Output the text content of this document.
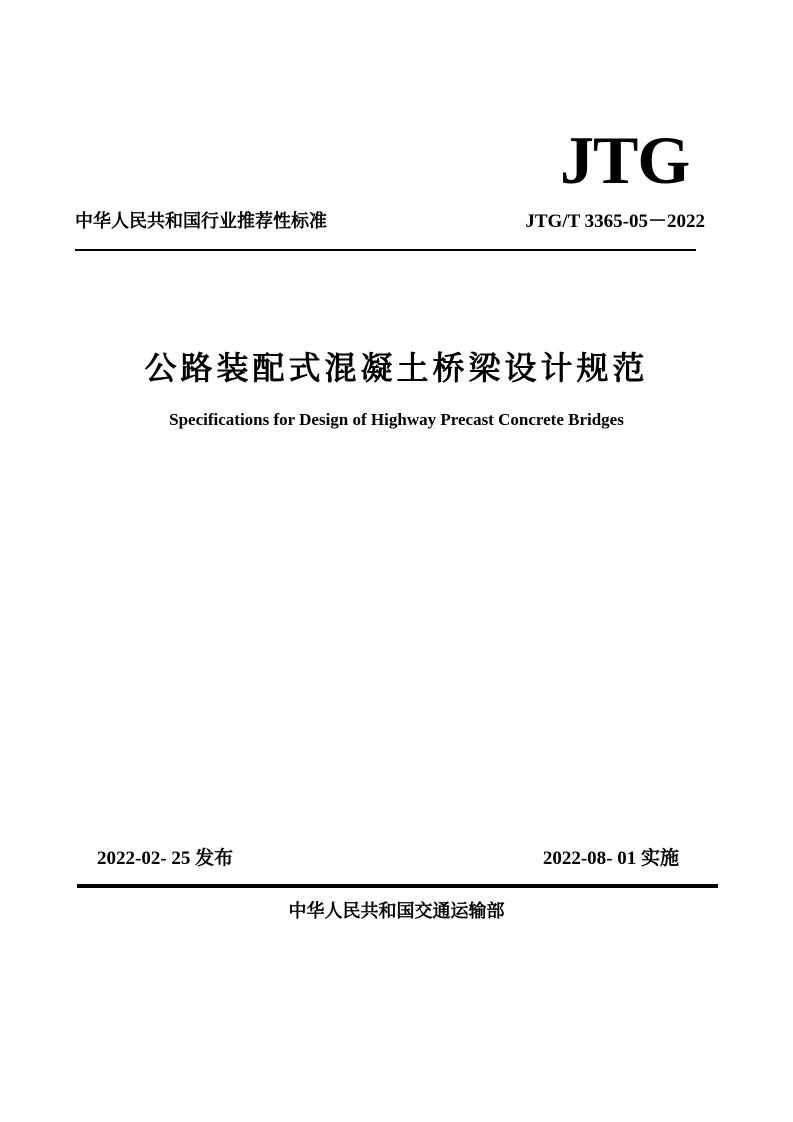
JTG
中华人民共和国行业推荐性标准	JTG/T 3365-05－2022
公路装配式混凝土桥梁设计规范
Specifications for Design of Highway Precast Concrete Bridges
2022-02- 25 发布	2022-08- 01 实施
中华人民共和国交通运输部
